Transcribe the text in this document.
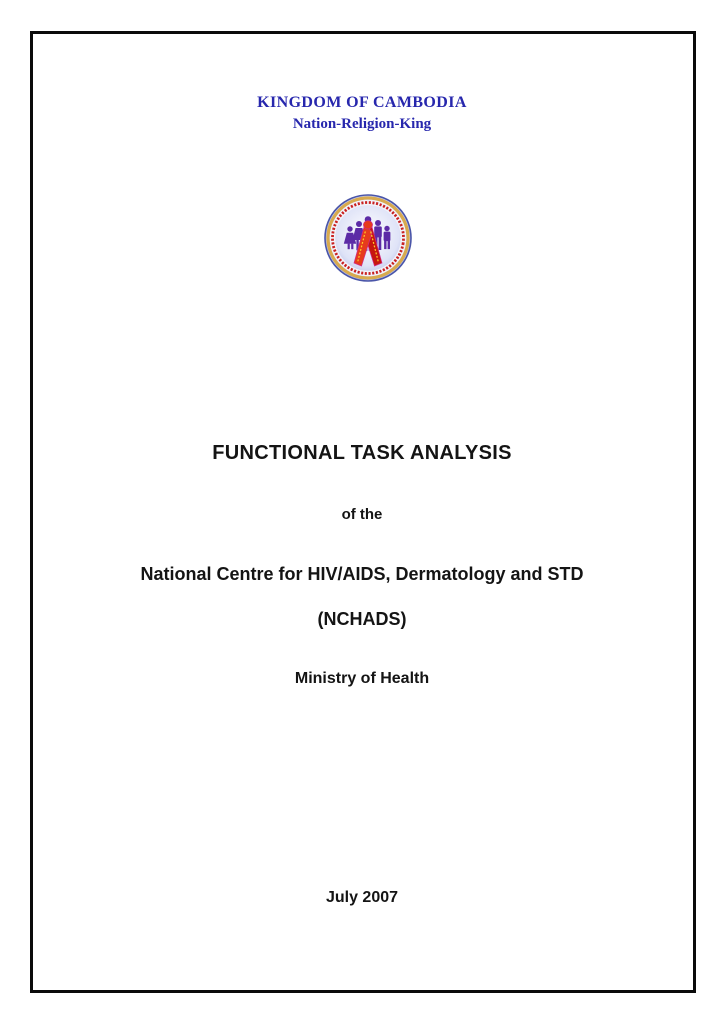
KINGDOM OF CAMBODIA
Nation-Religion-King
FUNCTIONAL TASK ANALYSIS
of the
National Centre for HIV/AIDS, Dermatology and STD
(NCHADS)
Ministry of Health
July 2007
